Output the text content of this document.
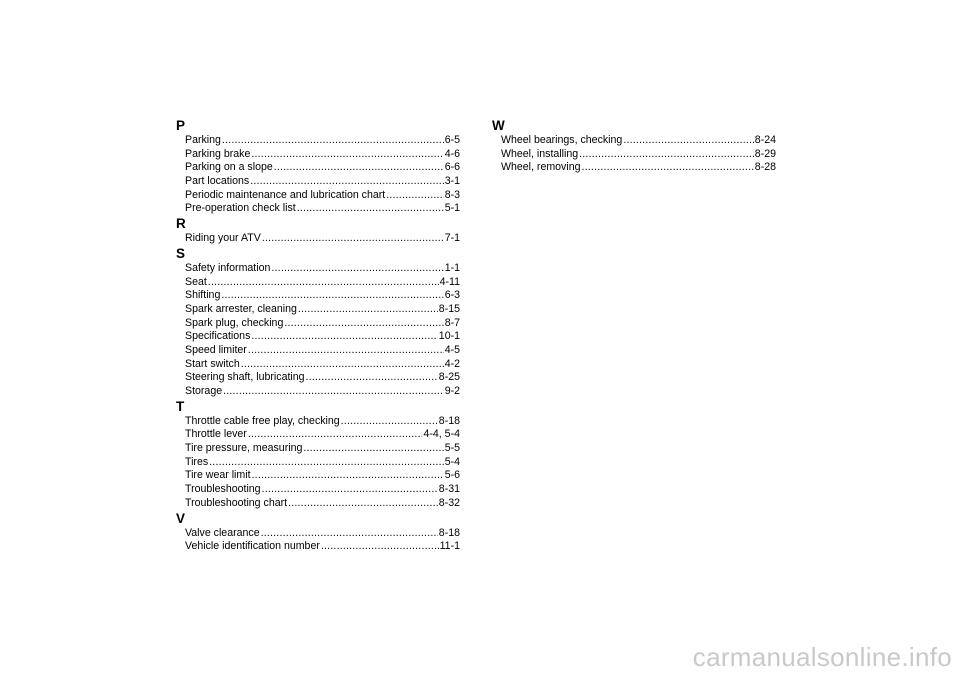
P
Parking .....	6-5
Parking brake .....	4-6
Parking on a slope .....	6-6
Part locations .....	3-1
Periodic maintenance and lubrication chart .....	8-3
Pre-operation check list .....	5-1
R
Riding your ATV .....	7-1
S
Safety information .....	1-1
Seat .....	4-11
Shifting .....	6-3
Spark arrester, cleaning .....	8-15
Spark plug, checking .....	8-7
Specifications .....	10-1
Speed limiter .....	4-5
Start switch .....	4-2
Steering shaft, lubricating .....	8-25
Storage .....	9-2
T
Throttle cable free play, checking .....	8-18
Throttle lever .....	4-4, 5-4
Tire pressure, measuring .....	5-5
Tires .....	5-4
Tire wear limit .....	5-6
Troubleshooting .....	8-31
Troubleshooting chart .....	8-32
V
Valve clearance .....	8-18
Vehicle identification number .....	11-1
W
Wheel bearings, checking .....	8-24
Wheel, installing .....	8-29
Wheel, removing .....	8-28
carmanualsonline.info
